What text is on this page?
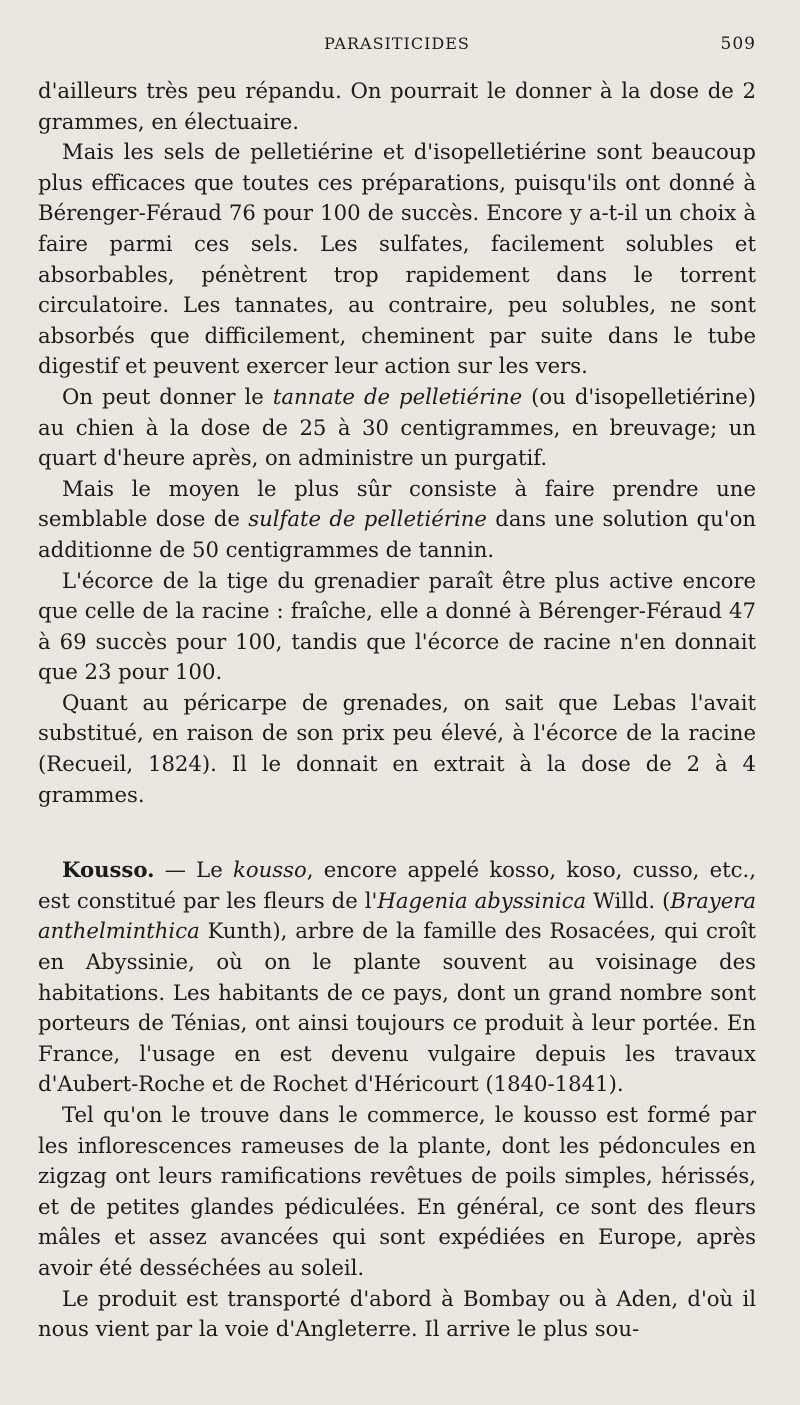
PARASITICIDES	509

d'ailleurs très peu répandu. On pourrait le donner à la dose de 2 grammes, en électuaire.

Mais les sels de pelletiérine et d'isopelletiérine sont beaucoup plus efficaces que toutes ces préparations, puisqu'ils ont donné à Bérenger-Féraud 76 pour 100 de succès. Encore y a-t-il un choix à faire parmi ces sels. Les sulfates, facilement solubles et absorbables, pénètrent trop rapidement dans le torrent circulatoire. Les tannates, au contraire, peu solubles, ne sont absorbés que difficilement, cheminent par suite dans le tube digestif et peuvent exercer leur action sur les vers.

On peut donner le tannate de pelletiérine (ou d'isopelletiérine) au chien à la dose de 25 à 30 centigrammes, en breuvage; un quart d'heure après, on administre un purgatif.

Mais le moyen le plus sûr consiste à faire prendre une semblable dose de sulfate de pelletiérine dans une solution qu'on additionne de 50 centigrammes de tannin.

L'écorce de la tige du grenadier paraît être plus active encore que celle de la racine : fraîche, elle a donné à Bérenger-Féraud 47 à 69 succès pour 100, tandis que l'écorce de racine n'en donnait que 23 pour 100.

Quant au péricarpe de grenades, on sait que Lebas l'avait substitué, en raison de son prix peu élevé, à l'écorce de la racine (Recueil, 1824). Il le donnait en extrait à la dose de 2 à 4 grammes.

Kousso. — Le kousso, encore appelé kosso, koso, cusso, etc., est constitué par les fleurs de l'Hagenia abyssinica Willd. (Brayera anthelminthica Kunth), arbre de la famille des Rosacées, qui croît en Abyssinie, où on le plante souvent au voisinage des habitations. Les habitants de ce pays, dont un grand nombre sont porteurs de Ténias, ont ainsi toujours ce produit à leur portée. En France, l'usage en est devenu vulgaire depuis les travaux d'Aubert-Roche et de Rochet d'Héricourt (1840-1841).

Tel qu'on le trouve dans le commerce, le kousso est formé par les inflorescences rameuses de la plante, dont les pédoncules en zigzag ont leurs ramifications revêtues de poils simples, hérissés, et de petites glandes pédiculées. En général, ce sont des fleurs mâles et assez avancées qui sont expédiées en Europe, après avoir été desséchées au soleil.

Le produit est transporté d'abord à Bombay ou à Aden, d'où il nous vient par la voie d'Angleterre. Il arrive le plus sou-
